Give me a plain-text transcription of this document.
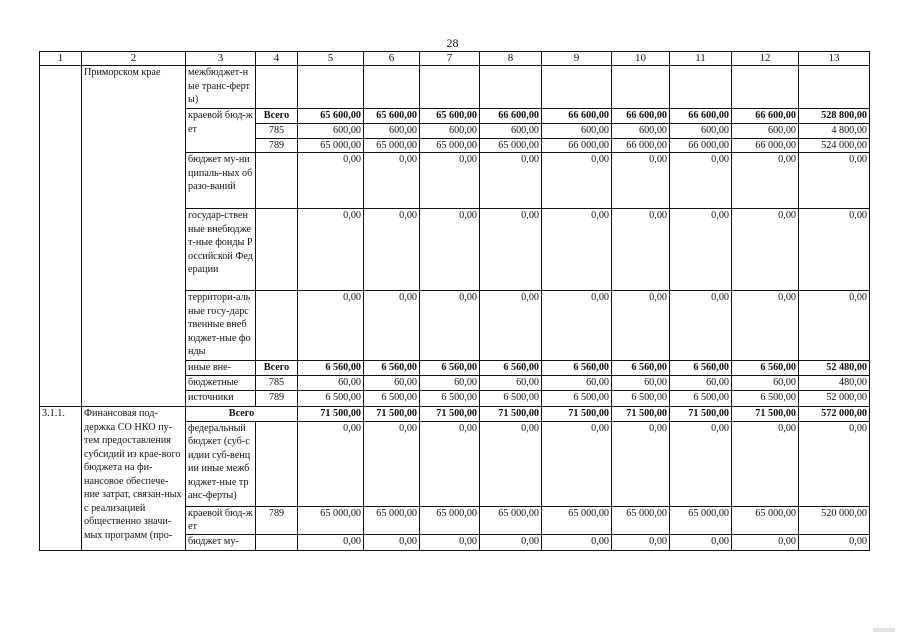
28
1	2	3	4	5	6	7	8	9	10	11	12	13
	Приморском крае	межбюджет-ные транс-ферты)										
		краевой бюд-жет	Всего	65 600,00	65 600,00	65 600,00	66 600,00	66 600,00	66 600,00	66 600,00	66 600,00	528 800,00
			785	600,00	600,00	600,00	600,00	600,00	600,00	600,00	600,00	4 800,00
			789	65 000,00	65 000,00	65 000,00	65 000,00	66 000,00	66 000,00	66 000,00	66 000,00	524 000,00
		бюджет му-ниципаль-ных образо-ваний		0,00	0,00	0,00	0,00	0,00	0,00	0,00	0,00	0,00
		государ-ственные внебюджет-ные фонды Российской Федерации		0,00	0,00	0,00	0,00	0,00	0,00	0,00	0,00	0,00
		территори-альные госу-дарственные внебюджет-ные фонды		0,00	0,00	0,00	0,00	0,00	0,00	0,00	0,00	0,00
		иные вне-	Всего	6 560,00	6 560,00	6 560,00	6 560,00	6 560,00	6 560,00	6 560,00	6 560,00	52 480,00
		бюджетные	785	60,00	60,00	60,00	60,00	60,00	60,00	60,00	60,00	480,00
		источники	789	6 500,00	6 500,00	6 500,00	6 500,00	6 500,00	6 500,00	6 500,00	6 500,00	52 000,00
3.1.1.	Финансовая под-держка СО НКО пу-тем предоставления субсидий из крае-вого бюджета на фи-нансовое обеспече-ние затрат, связан-ных с реализацией общественно значи-мых программ (про-	Всего		71 500,00	71 500,00	71 500,00	71 500,00	71 500,00	71 500,00	71 500,00	71 500,00	572 000,00
		федеральный бюджет (суб-сидии суб-венции иные межбюджет-ные транс-ферты)		0,00	0,00	0,00	0,00	0,00	0,00	0,00	0,00	0,00
		краевой бюд-жет	789	65 000,00	65 000,00	65 000,00	65 000,00	65 000,00	65 000,00	65 000,00	65 000,00	520 000,00
		бюджет му-		0,00	0,00	0,00	0,00	0,00	0,00	0,00	0,00	0,00
